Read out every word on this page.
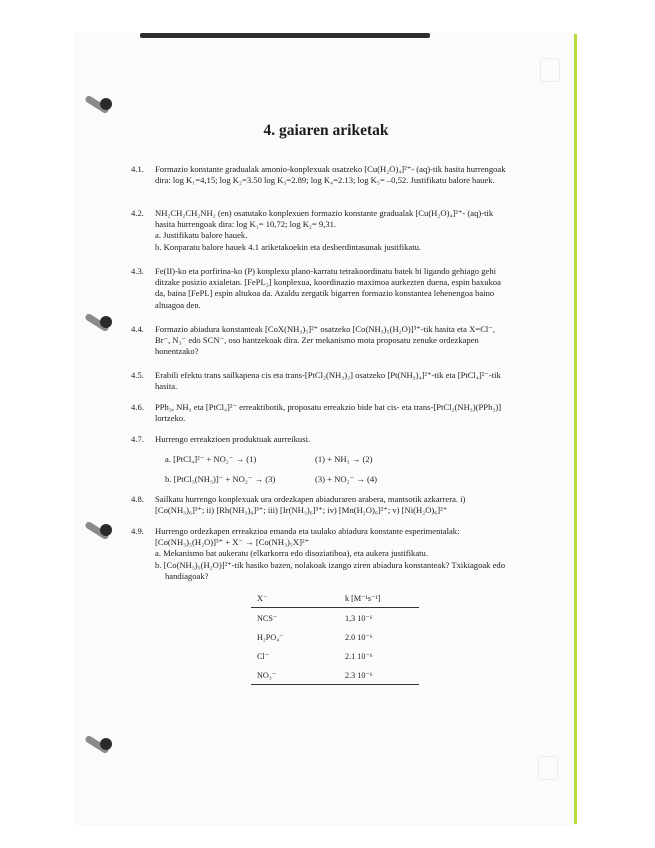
4. gaiaren ariketak
4.1. Formazio konstante gradualak amonio-konplexuak osatzeko [Cu(H₂O)₄]²⁺- (aq)-tik hasita hurrengoak dira: log K₁=4,15; log K₂=3.50 log K₃=2.89; log K₄=2.13; log K₅= –0,52. Justifikatu balore hauek.
4.2. NH₂CH₂CH₂NH₂ (en) osatutako konplexuen formazio konstante gradualak [Cu(H₂O)₄]²⁺- (aq)-tik hasita hurrengoak dira: log K₁= 10,72; log K₂= 9,31.
a. Justifikatu balore hauek.
b. Konparatu balore hauek 4.1 ariketakoekin eta desberdintasunak justifikatu.
4.3. Fe(II)-ko eta porfirina-ko (P) konplexu plano-karratu tetrakoordinatu batek bi ligando gehiago gehi ditzake posizio axialetan. [FePL₂] konplexua, koordinazio maximoa aurkezten duena, espin baxukoa da, baina [FePL] espin altukoa da. Azaldu zergatik bigarren formazio konstantea lehenengoa baino altuagoa den.
4.4. Formazio abiadura konstanteak [CoX(NH₃)₅]²⁺ osatzeko [Co(NH₃)₅(H₂O)]³⁺-tik hasita eta X=Cl⁻, Br⁻, N₃⁻ edo SCN⁻, oso hantzekoak dira. Zer mekanismo mota proposatu zenuke ordezkapen honentzako?
4.5. Erabili efektu trans sailkapena cis eta trans-[PtCl₂(NH₃)₂] osatzeko [Pt(NH₃)₄]²⁺-tik eta [PtCl₄]²⁻-tik hasita.
4.6. PPh₃, NH₃ eta [PtCl₄]²⁻ erreaktibotik, proposatu erreakzio bide bat cis- eta trans-[PtCl₂(NH₃)(PPh₃)] lortzeko.
4.7. Hurrengo erreakzioen produktuak aurreikusi.
a. [PtCl₄]²⁻ + NO₂⁻ → (1)	(1) + NH₃ → (2)
b. [PtCl₃(NH₃)]⁻ + NO₂⁻ → (3)	(3) + NO₂⁻ → (4)
4.8. Sailkatu hurrengo konplexuak ura ordezkapen abiaduraren arabera, mantsotik azkarrera. i)[Co(NH₃)₆]³⁺; ii) [Rh(NH₃)₆]³⁺; iii) [Ir(NH₃)₆]³⁺; iv) [Mn(H₂O)₆]²⁺; v) [Ni(H₂O)₆]²⁺
4.9. Hurrengo ordezkapen erreakzioa emanda eta taulako abiadura konstante esperimentalak: [Co(NH₃)₅(H₂O)]³⁺ + X⁻ → [Co(NH₃)₅X]²⁺
a. Mekanismo bat aukeratu (elkarkorra edo disoziatiboa), eta aukera justifikatu.
b. [Co(NH₃)₅(H₂O)]²⁺-tik hasiko bazen, nolakoak izango ziren abiadura konstanteak? Txikiagoak edo handiagoak?
X⁻	k [M⁻¹s⁻¹]
NCS⁻	1,3 10⁻⁶
H₂PO₄⁻	2.0 10⁻⁶
Cl⁻	2.1 10⁻⁶
NO₃⁻	2.3 10⁻⁶
